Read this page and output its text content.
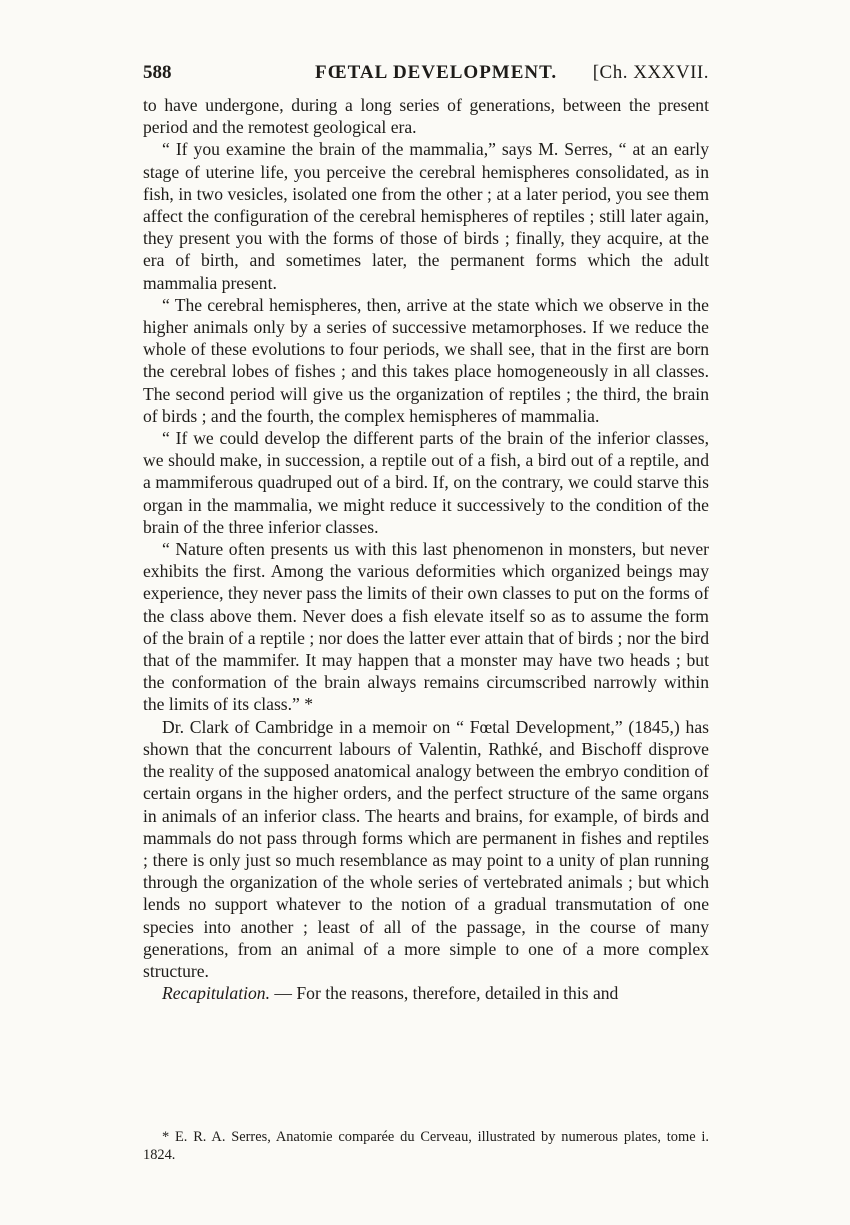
588	FŒTAL DEVELOPMENT. [Ch. XXXVII.

to have undergone, during a long series of generations, between the present period and the remotest geological era.

“ If you examine the brain of the mammalia,” says M. Serres, “ at an early stage of uterine life, you perceive the cerebral hemispheres consolidated, as in fish, in two vesicles, isolated one from the other ; at a later period, you see them affect the configuration of the cerebral hemispheres of reptiles ; still later again, they present you with the forms of those of birds ; finally, they acquire, at the era of birth, and sometimes later, the permanent forms which the adult mammalia present.

“ The cerebral hemispheres, then, arrive at the state which we observe in the higher animals only by a series of successive metamorphoses. If we reduce the whole of these evolutions to four periods, we shall see, that in the first are born the cerebral lobes of fishes ; and this takes place homogeneously in all classes. The second period will give us the organization of reptiles ; the third, the brain of birds ; and the fourth, the complex hemispheres of mammalia.

“ If we could develop the different parts of the brain of the inferior classes, we should make, in succession, a reptile out of a fish, a bird out of a reptile, and a mammiferous quadruped out of a bird. If, on the contrary, we could starve this organ in the mammalia, we might reduce it successively to the condition of the brain of the three inferior classes.

“ Nature often presents us with this last phenomenon in monsters, but never exhibits the first. Among the various deformities which organized beings may experience, they never pass the limits of their own classes to put on the forms of the class above them. Never does a fish elevate itself so as to assume the form of the brain of a reptile ; nor does the latter ever attain that of birds ; nor the bird that of the mammifer. It may happen that a monster may have two heads ; but the conformation of the brain always remains circumscribed narrowly within the limits of its class.” *

Dr. Clark of Cambridge in a memoir on “ Fœtal Development,” (1845,) has shown that the concurrent labours of Valentin, Rathké, and Bischoff disprove the reality of the supposed anatomical analogy between the embryo condition of certain organs in the higher orders, and the perfect structure of the same organs in animals of an inferior class. The hearts and brains, for example, of birds and mammals do not pass through forms which are permanent in fishes and reptiles ; there is only just so much resemblance as may point to a unity of plan running through the organization of the whole series of vertebrated animals ; but which lends no support whatever to the notion of a gradual transmutation of one species into another ; least of all of the passage, in the course of many generations, from an animal of a more simple to one of a more complex structure.

Recapitulation. — For the reasons, therefore, detailed in this and

* E. R. A. Serres, Anatomie comparée du Cerveau, illustrated by numerous plates, tome i. 1824.
